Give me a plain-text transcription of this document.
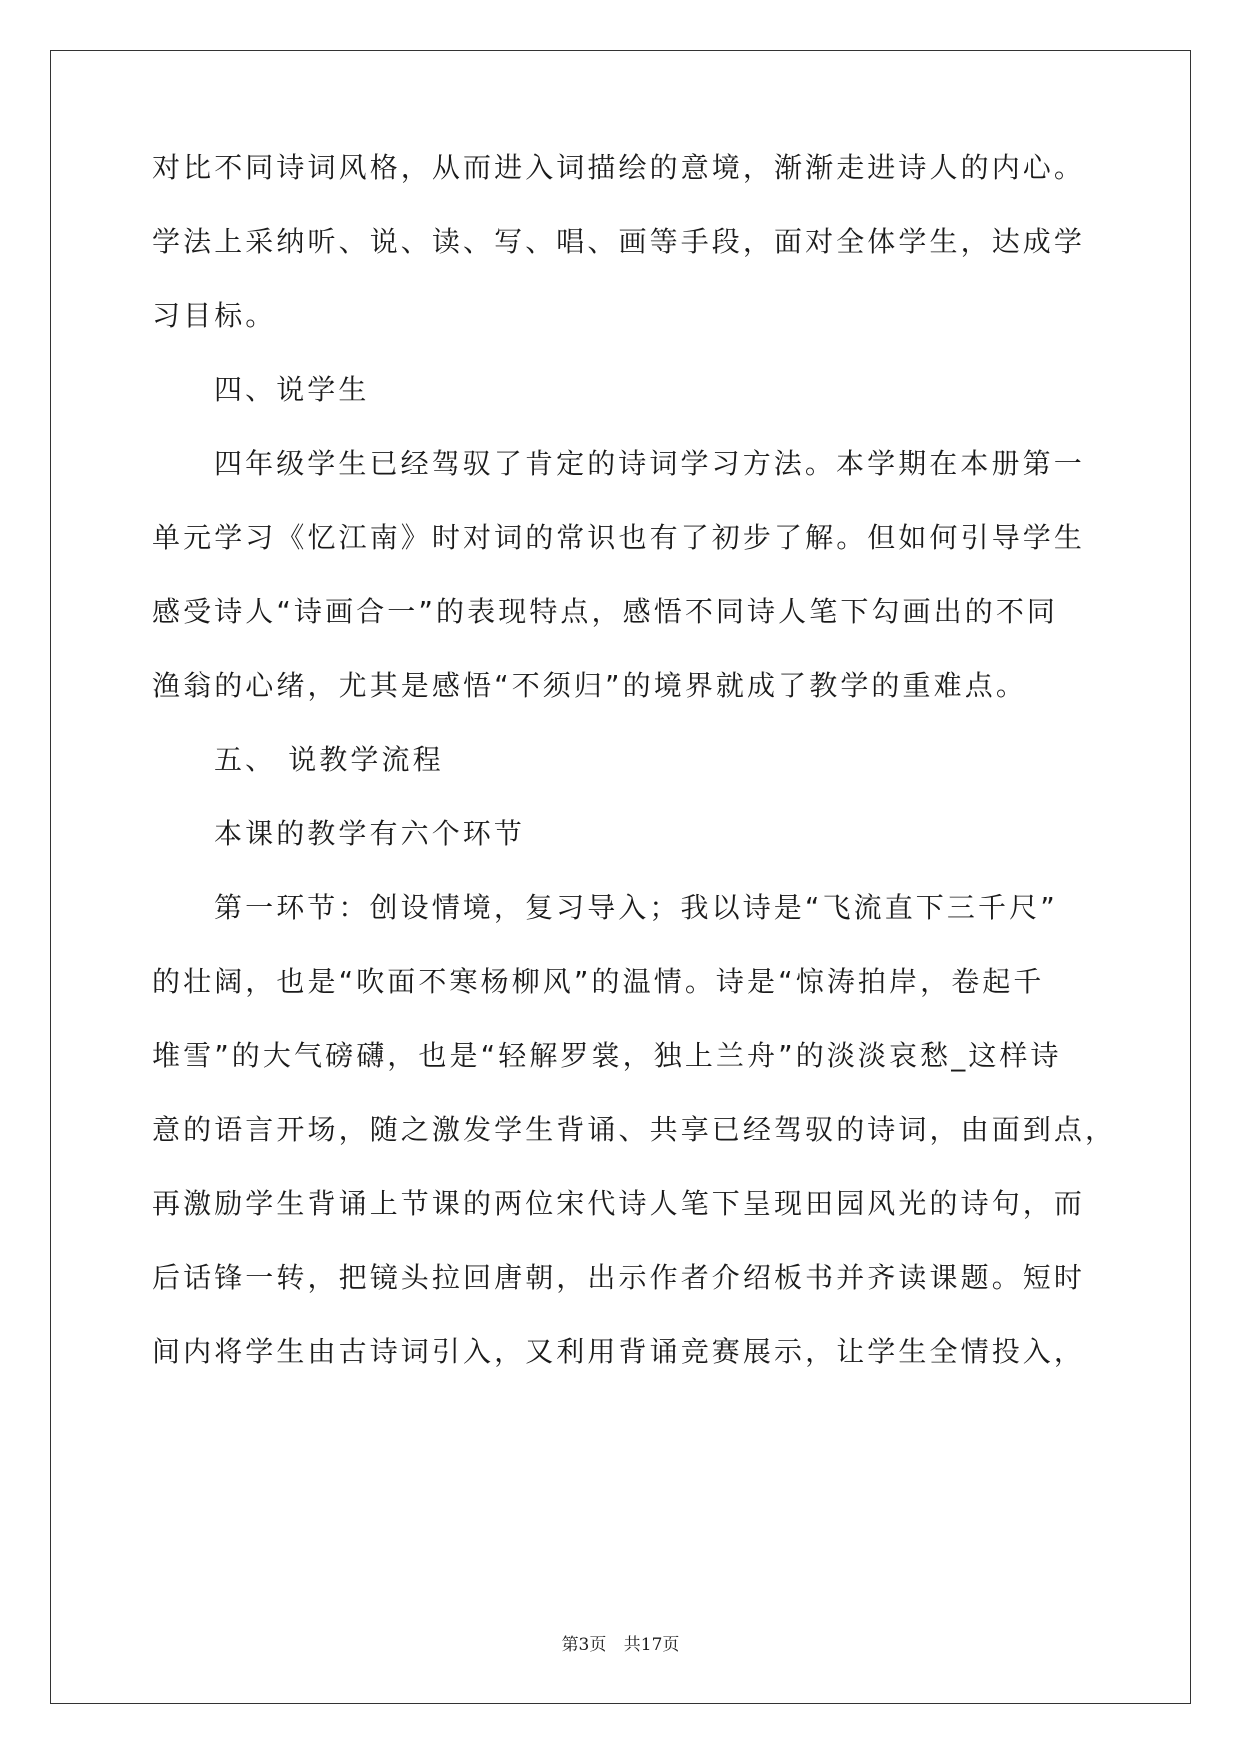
对比不同诗词风格，从而进入词描绘的意境，渐渐走进诗人的内心。
学法上采纳听、说、读、写、唱、画等手段，面对全体学生，达成学
习目标。
四、说学生
四年级学生已经驾驭了肯定的诗词学习方法。本学期在本册第一
单元学习《忆江南》时对词的常识也有了初步了解。但如何引导学生
感受诗人“诗画合一”的表现特点，感悟不同诗人笔下勾画出的不同
渔翁的心绪，尤其是感悟“不须归”的境界就成了教学的重难点。
五、 说教学流程
本课的教学有六个环节
第一环节：创设情境，复习导入；我以诗是“飞流直下三千尺”
的壮阔，也是“吹面不寒杨柳风”的温情。诗是“惊涛拍岸，卷起千
堆雪”的大气磅礴，也是“轻解罗裳，独上兰舟”的淡淡哀愁_这样诗
意的语言开场，随之激发学生背诵、共享已经驾驭的诗词，由面到点，
再激励学生背诵上节课的两位宋代诗人笔下呈现田园风光的诗句，而
后话锋一转，把镜头拉回唐朝，出示作者介绍板书并齐读课题。短时
间内将学生由古诗词引入，又利用背诵竞赛展示，让学生全情投入，
第3页 共17页
